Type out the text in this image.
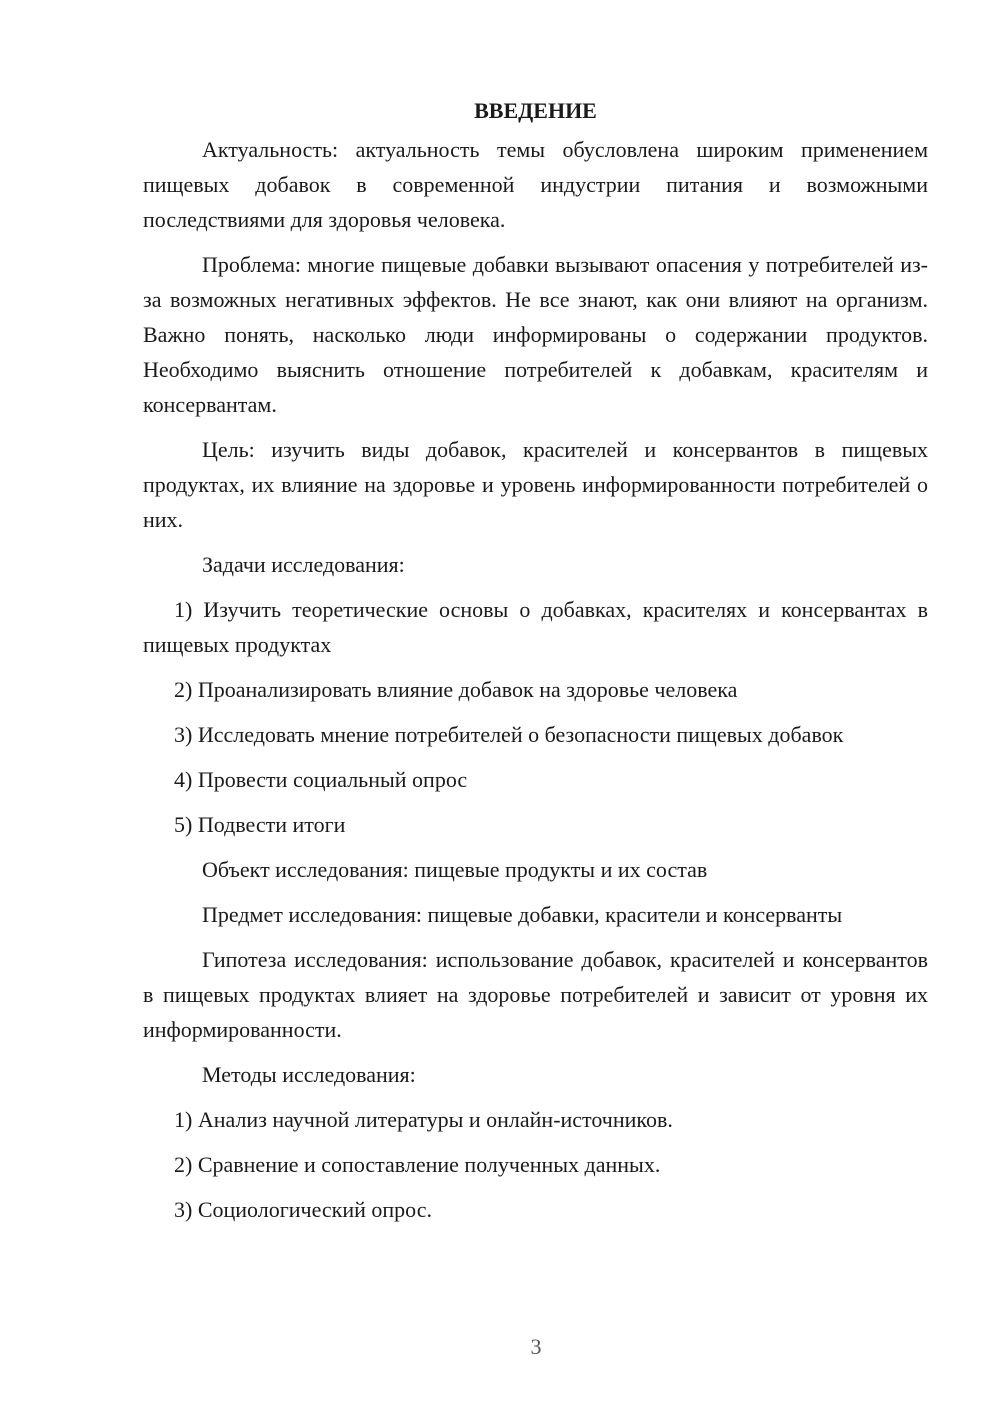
ВВЕДЕНИЕ

Актуальность: актуальность темы обусловлена широким применением пищевых добавок в современной индустрии питания и возможными последствиями для здоровья человека.

Проблема: многие пищевые добавки вызывают опасения у потребителей из-за возможных негативных эффектов. Не все знают, как они влияют на организм. Важно понять, насколько люди информированы о содержании продуктов. Необходимо выяснить отношение потребителей к добавкам, красителям и консервантам.

Цель: изучить виды добавок, красителей и консервантов в пищевых продуктах, их влияние на здоровье и уровень информированности потребителей о них.

Задачи исследования:

1) Изучить теоретические основы о добавках, красителях и консервантах в пищевых продуктах

2) Проанализировать влияние добавок на здоровье человека

3) Исследовать мнение потребителей о безопасности пищевых добавок

4) Провести социальный опрос

5) Подвести итоги

Объект исследования: пищевые продукты и их состав

Предмет исследования: пищевые добавки, красители и консерванты

Гипотеза исследования: использование добавок, красителей и консервантов в пищевых продуктах влияет на здоровье потребителей и зависит от уровня их информированности.

Методы исследования:

1) Анализ научной литературы и онлайн-источников.

2) Сравнение и сопоставление полученных данных.

3) Социологический опрос.

3
